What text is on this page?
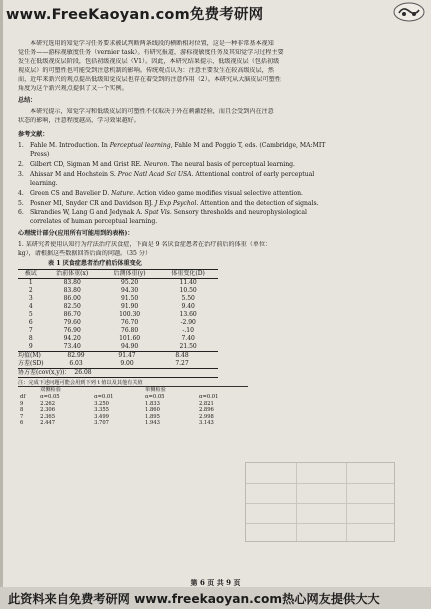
www.FreeKaoyan.com免费考研网
本研究选用的知觉学习任务要求被试判断两条线段的横断相对位置，这是一种非常基本视知
觉任务——游标视敏度任务（vernier task）。有研究报道，游标视敏度任务及其知觉学习过程主要
发生在低级视皮层阶段，包括初级视皮层（V1）。因此，本研究结果提示，低级视皮层（包括初级
视皮层）的可塑性也可能受到注意机制的影响。传统观点认为：注意主要发生在较高级皮层，然
而，近年来新兴的观点提出低级知觉皮层也存在着受到的注意作用（2）。本研究从大脑皮层可塑性
角度为这个新兴观点提供了又一个实例。
总结：
本研究提示，知觉学习和低级皮层的可塑性不仅取决于外在刺激经验，而且会受到内在注意
状态的影响，注意程度越高，学习效果越好。
参考文献：
1. Fahle M. Introduction. In Perceptual learning, Fahle M and Poggio T, eds. (Cambridge, MA:MIT
Press)
2. Gilbert CD, Sigman M and Grist RE. Neuron. The neural basis of perceptual learning.
3. Ahissar M and Hochstein S. Proc Natl Acad Sci USA. Attentional control of early perceptual
learning.
4. Green CS and Bavelier D. Nature. Action video game modifies visual selective attention.
5. Posner MI, Snyder CR and Davidson BJ. J Exp Psychol. Attention and the detection of signals.
6. Skrandies W, Lang G and Jedynak A. Spat Vis. Sensory thresholds and neurophysiological
correlates of human perceptual learning.
心理统计部分(应用所有可能用到的表格)：
1. 某研究者使用认知行为疗法治疗厌食症，下面是 9 名厌食症患者在治疗前后的体重（单位：
kg），请根据这些数据回答后面的问题。（35 分）
表 1 厌食症患者治疗前后体重变化
被试	治前体重(x)	后测体重(y)	体重变化(D)
1	83.80	95.20	11.40
2	83.80	94.30	10.50
3	86.00	91.50	5.50
4	82.50	91.90	9.40
5	86.70	100.30	13.60
6	79.60	76.70	-2.90
7	76.90	76.80	-.10
8	94.20	101.60	7.40
9	73.40	94.90	21.50
均值(M)	82.99	91.47	8.48
方差(SD)	6.03	9.00	7.27
协方差(cov(x,y))： 26.08
注：完成下述问题可能会用到下列 t 值以及其他有关值
	双侧检验		单侧检验	
df	α=0.05	α=0.01	α=0.05	α=0.01
9	2.262	3.250	1.833	2.821
8	2.306	3.355	1.860	2.896
7	2.365	3.499	1.895	2.998
6	2.447	3.707	1.943	3.143
第 6 页 共 9 页
此资料来自免费考研网 www.freekaoyan.com热心网友提供大大
